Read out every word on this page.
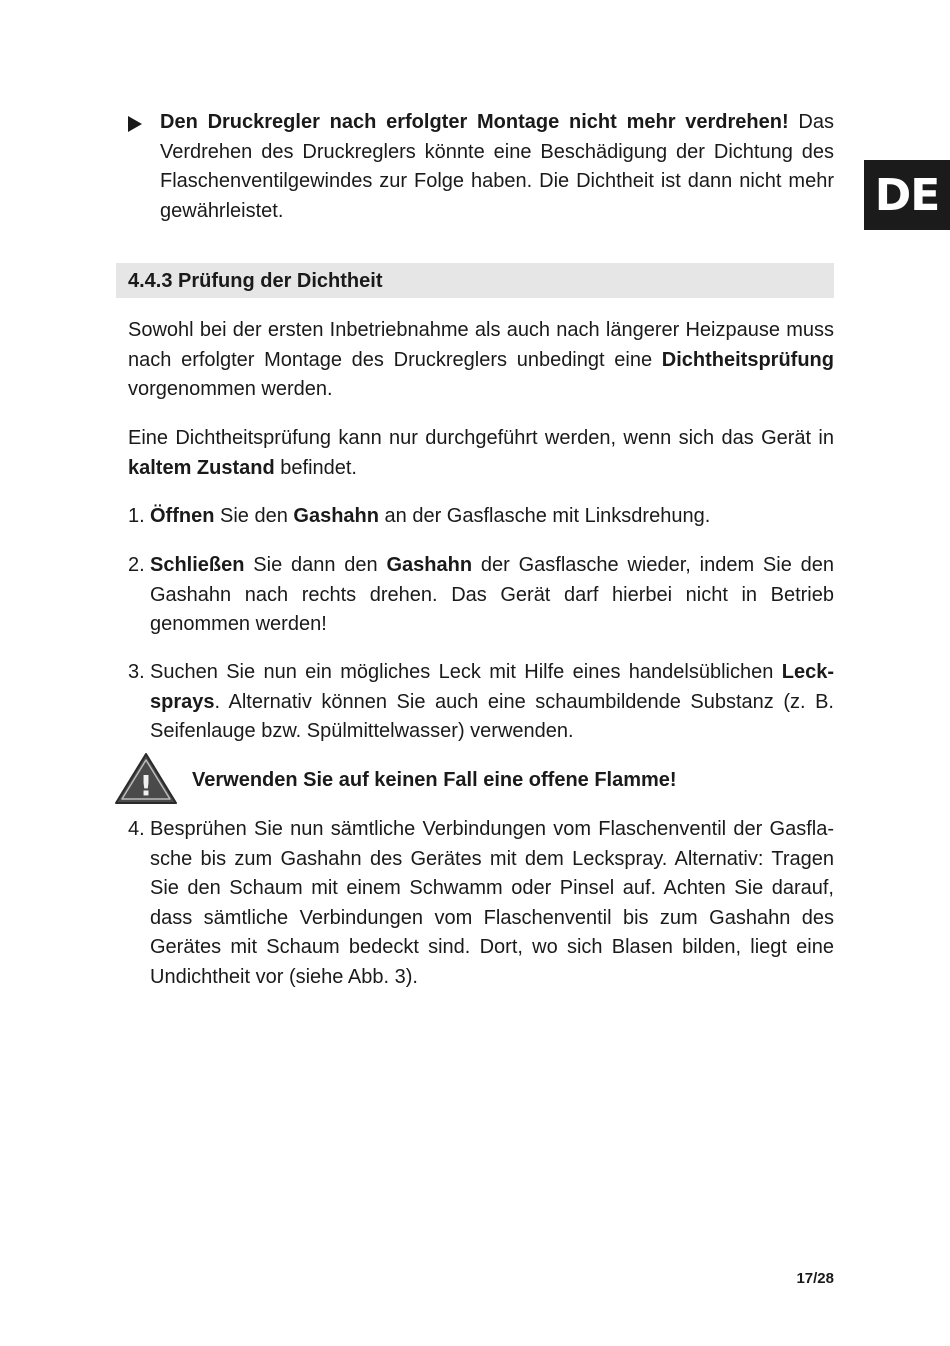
DE

Den Druckregler nach erfolgter Montage nicht mehr verdrehen! Das Verdrehen des Druckreglers könnte eine Beschädigung der Dichtung des Flaschenventilgewindes zur Folge haben. Die Dichtheit ist dann nicht mehr gewährleistet.

4.4.3 Prüfung der Dichtheit

Sowohl bei der ersten Inbetriebnahme als auch nach längerer Heizpause muss nach erfolgter Montage des Druckreglers unbedingt eine Dichtheitsprüfung vorgenommen werden.

Eine Dichtheitsprüfung kann nur durchgeführt werden, wenn sich das Gerät in kaltem Zustand befindet.

1. Öffnen Sie den Gashahn an der Gasflasche mit Linksdrehung.

2. Schließen Sie dann den Gashahn der Gasflasche wieder, indem Sie den Gashahn nach rechts drehen. Das Gerät darf hierbei nicht in Betrieb genommen werden!

3. Suchen Sie nun ein mögliches Leck mit Hilfe eines handelsüblichen Lecksprays. Alternativ können Sie auch eine schaumbildende Substanz (z. B. Seifenlauge bzw. Spülmittelwasser) verwenden.

! Verwenden Sie auf keinen Fall eine offene Flamme!
4. Besprühen Sie nun sämtliche Verbindungen vom Flaschenventil der Gasflasche bis zum Gashahn des Gerätes mit dem Leckspray. Alternativ: Tragen Sie den Schaum mit einem Schwamm oder Pinsel auf. Achten Sie darauf, dass sämtliche Verbindungen vom Flaschenventil bis zum Gashahn des Gerätes mit Schaum bedeckt sind. Dort, wo sich Blasen bilden, liegt eine Undichtheit vor (siehe Abb. 3).

17/28
